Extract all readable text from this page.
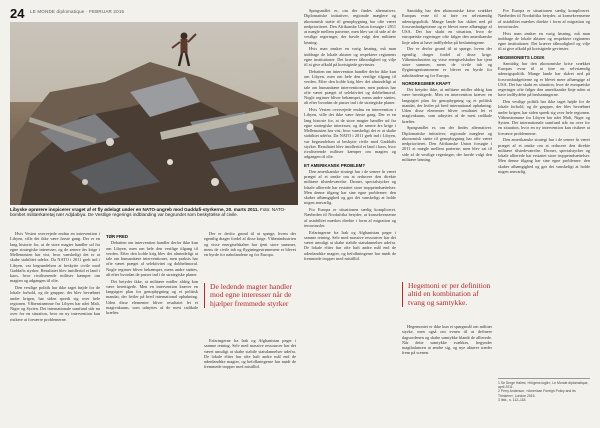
24 LE MONDE diplomatique · FEBRUAR 2015
Libyske oprørere inspicerer vraget af et fly ødelagt under en NATO-angreb mod Gaddafi-styrkerne, 20. marts 2011. Foto: NATO-bombet militærkøretøj nær Adjdabiya. De Vestlige regerings indblanding var begrundet som beskyttelse af civile.

Hvis Vesten overvejede endnu en intervention i Libyen, ville det ikke være første gang. Der er en lang historie for, at de store magter handler ud fra egne strategiske interesser, og de senere års krige i Mellemøsten har vist, hvor vanskeligt det er at skabe stabilitet udefra. Da NATO i 2011 greb ind i Libyen, var begrundelsen at beskytte civile mod Gaddafis styrker. Resultatet blev imidlertid et land i kaos, hvor rivaliserende militser kæmper om magten og adgangen til olie.

Den vestlige politik har ikke taget højde for de lokale forhold, og de grupper, der blev bevæbnet under krigen, har siden spredt sig over hele regionen. Våbenstrømme fra Libyen har nået Mali, Niger og Syrien. Det internationale samfund står nu over for en situation, hvor en ny intervention kan risikere at forværre problemerne.

TØR FRED

Debatten om intervention handler derfor ikke kun om Libyen, men om hele den vestlige tilgang til verden. Efter den kolde krig blev det almindeligt at tale om humanitære interventioner, men praksis har ofte været præget af selektivitet og dobbeltmoral. Nogle regimer bliver bekæmpet, mens andre støttes, alt efter hvordan de passer ind i de strategiske planer.

Det betyder ikke, at militære midler aldrig kan være berettigede. Men en intervention kræver en langsigtet plan for genopbygning og et politisk mandat, der hviler på bred international opbakning. Uden disse elementer bliver resultatet let et magtvakuum, som udnyttes af de mest radikale kræfter.

De ledende magter handler mod egne interesser når de hjælper fremmede styrker

Erfaringerne fra Irak og Afghanistan peger i samme retning. Selv med massive ressourcer har det været umuligt at skabe stabile statsdannelser udefra. De lokale eliter har ofte haft andre mål end de udenlandske magter, og befolkningerne har mødt de fremmede tropper med mistillid.

Der er derfor grund til at spørge, hvem der egentlig drager fordel af disse krige. Våbenindustrien og visse energiselskaber har tjent store summer, mens de civile tab og flygtningestrømmene er blevet en byrde for nabolandene og for Europa.

Spørgsmålet er, om der findes alternativer. Diplomatiske initiativer, regionale mæglere og økonomisk støtte til genopbygning har ofte været nedprioriteret. Den Afrikanske Union forsøgte i 2011 at mægle mellem parterne, men blev sat til side af de vestlige regeringer, der havde valgt den militære løsning.

Hvis man ønsker en varig løsning, må man inddrage de lokale aktører og respektere regionens egne institutioner. Det kræver tålmodighed og vilje til at give afkald på kortsigtede gevinster.

Debatten om intervention handler derfor ikke kun om Libyen, men om hele den vestlige tilgang til verden. Efter den kolde krig blev det almindeligt at tale om humanitære interventioner, men praksis har ofte været præget af selektivitet og dobbeltmoral. Nogle regimer bliver bekæmpet, mens andre støttes, alt efter hvordan de passer ind i de strategiske planer.

Hvis Vesten overvejede endnu en intervention i Libyen, ville det ikke være første gang. Der er en lang historie for, at de store magter handler ud fra egne strategiske interesser, og de senere års krige i Mellemøsten har vist, hvor vanskeligt det er at skabe stabilitet udefra. Da NATO i 2011 greb ind i Libyen, var begrundelsen at beskytte civile mod Gaddafis styrker. Resultatet blev imidlertid et land i kaos, hvor rivaliserende militser kæmper om magten og adgangen til olie.

ET AMERIKANSK PROBLEM?

Den amerikanske strategi har i de senere år været præget af et ønske om at reducere den direkte militære tilstedeværelse. Droner, specialstyrker og lokale allierede har erstattet store troppeindsættelser. Men denne tilgang har sine egne problemer: den skaber afhængighed og gør det vanskeligt at holde nogen ansvarlig.

For Europa er situationen særlig kompliceret. Nærheden til Nordafrika betyder, at konsekvenserne af ustabilitet mærkes direkte i form af migration og terrortrusler.

Erfaringerne fra Irak og Afghanistan peger i samme retning. Selv med massive ressourcer har det været umuligt at skabe stabile statsdannelser udefra. De lokale eliter har ofte haft andre mål end de udenlandske magter, og befolkningerne har mødt de fremmede tropper med mistillid.

Hegemoni er per definition altid en kombination af tvang og samtykke.

Samtidig har den økonomiske krise svækket Europas evne til at føre en selvstændig udenrigspolitik. Mange lande har skåret ned på forsvarsbudgetterne og er blevet mere afhængige af USA. Det har skabt en situation, hvor de europæiske regeringer ofte følger den amerikanske linje uden at have indflydelse på beslutningerne.

Der er derfor grund til at spørge, hvem der egentlig drager fordel af disse krige. Våbenindustrien og visse energiselskaber har tjent store summer, mens de civile tab og flygtningestrømmene er blevet en byrde for nabolandene og for Europa.

NORDREGIMER KRAFT

Det betyder ikke, at militære midler aldrig kan være berettigede. Men en intervention kræver en langsigtet plan for genopbygning og et politisk mandat, der hviler på bred international opbakning. Uden disse elementer bliver resultatet let et magtvakuum, som udnyttes af de mest radikale kræfter.

Spørgsmålet er, om der findes alternativer. Diplomatiske initiativer, regionale mæglere og økonomisk støtte til genopbygning har ofte været nedprioriteret. Den Afrikanske Union forsøgte i 2011 at mægle mellem parterne, men blev sat til side af de vestlige regeringer, der havde valgt den militære løsning.

Hegemoniet er ikke kun et spørgsmål om militær styrke, men også om evnen til at definere dagsordenen og skabe samtykke blandt de allierede. Når dette samtykke svækkes, begynder magtbalancen at ændre sig, og nye aktører træder frem på scenen.

For Europa er situationen særlig kompliceret. Nærheden til Nordafrika betyder, at konsekvenserne af ustabilitet mærkes direkte i form af migration og terrortrusler.

Hvis man ønsker en varig løsning, må man inddrage de lokale aktører og respektere regionens egne institutioner. Det kræver tålmodighed og vilje til at give afkald på kortsigtede gevinster.

HEGEMONIETS LOGIK

Samtidig har den økonomiske krise svækket Europas evne til at føre en selvstændig udenrigspolitik. Mange lande har skåret ned på forsvarsbudgetterne og er blevet mere afhængige af USA. Det har skabt en situation, hvor de europæiske regeringer ofte følger den amerikanske linje uden at have indflydelse på beslutningerne.

Den vestlige politik har ikke taget højde for de lokale forhold, og de grupper, der blev bevæbnet under krigen, har siden spredt sig over hele regionen. Våbenstrømme fra Libyen har nået Mali, Niger og Syrien. Det internationale samfund står nu over for en situation, hvor en ny intervention kan risikere at forværre problemerne.

Den amerikanske strategi har i de senere år været præget af et ønske om at reducere den direkte militære tilstedeværelse. Droner, specialstyrker og lokale allierede har erstattet store troppeindsættelser. Men denne tilgang har sine egne problemer: den skaber afhængighed og gør det vanskeligt at holde nogen ansvarlig.

1 Se Serge Halimi, »Krigens logik«, Le Monde diplomatique, april 2011.
2 Perry Anderson, »American Foreign Policy and its Thinkers«, London 2015.
3 Ibid., s. 112–118.
